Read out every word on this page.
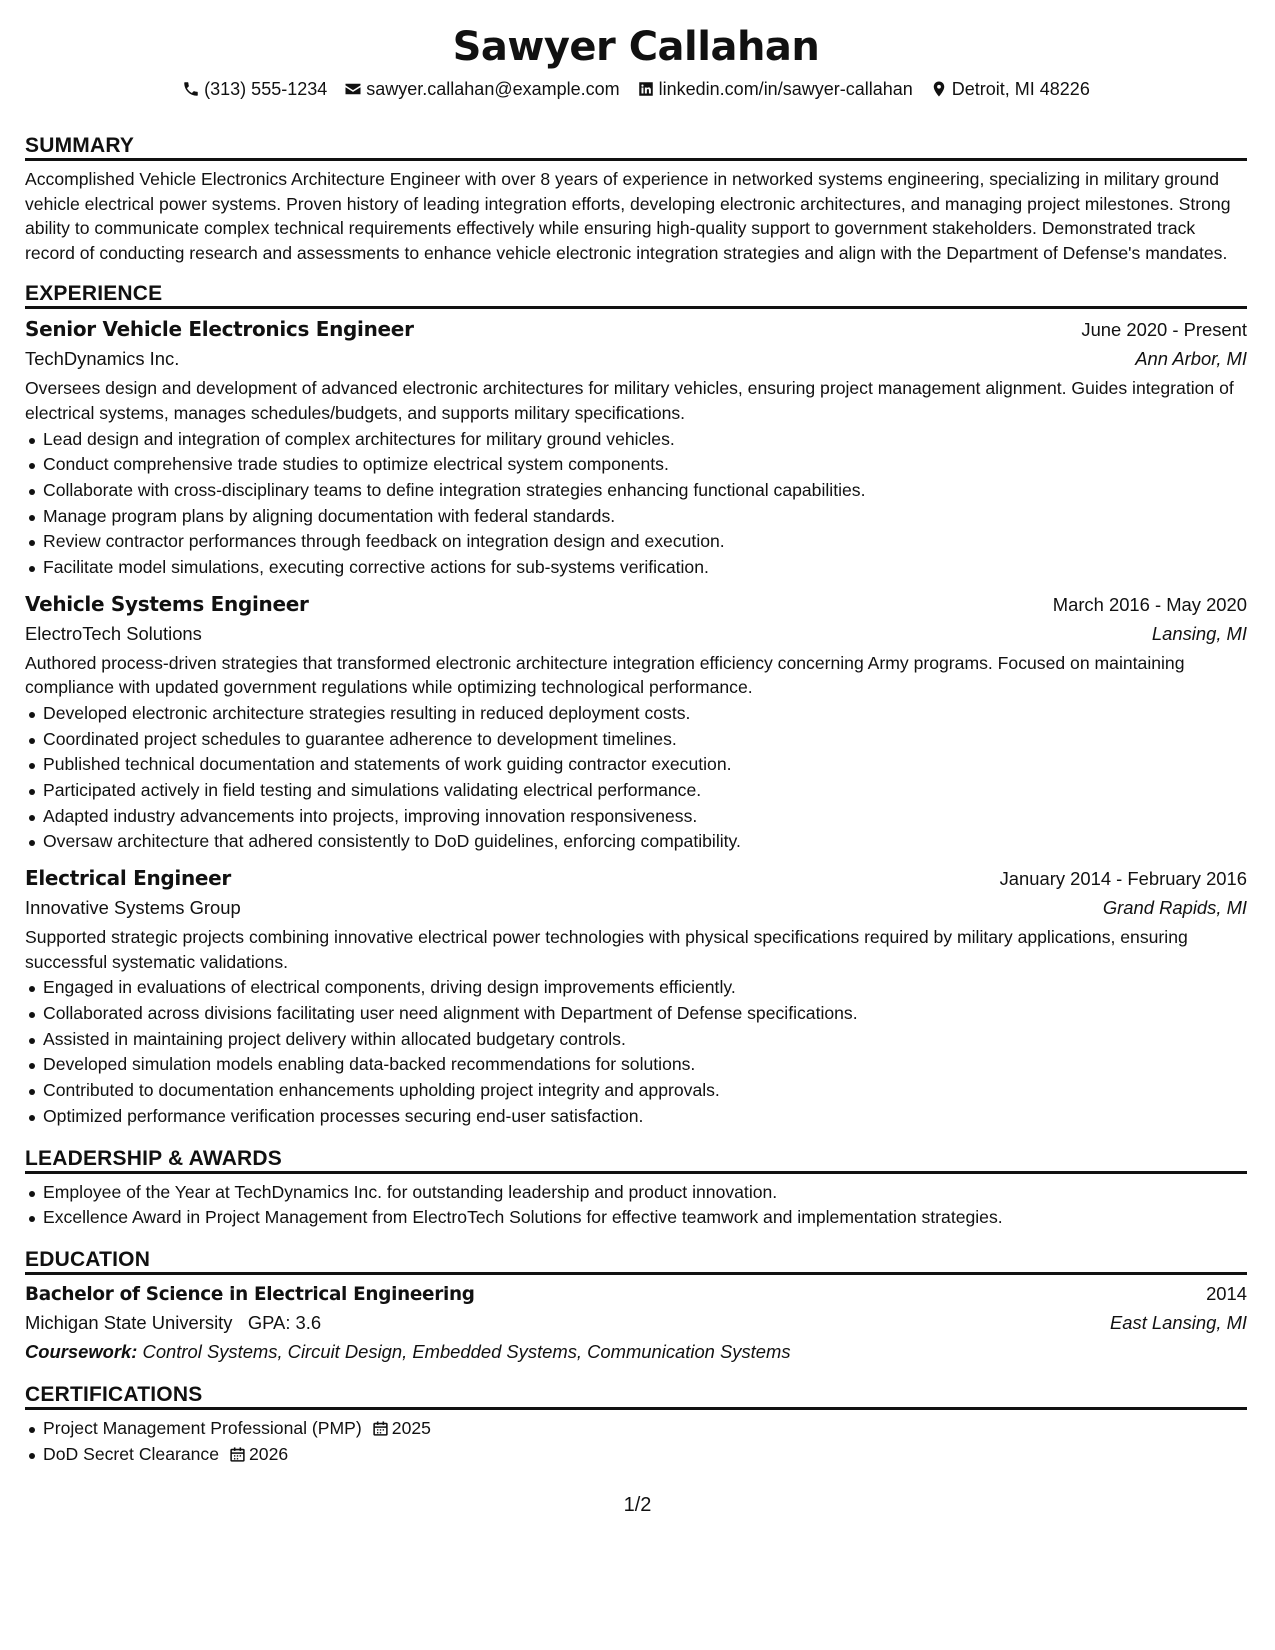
Sawyer Callahan
(313) 555-1234 sawyer.callahan@example.com linkedin.com/in/sawyer-callahan Detroit, MI 48226
SUMMARY
Accomplished Vehicle Electronics Architecture Engineer with over 8 years of experience in networked systems engineering, specializing in military ground vehicle electrical power systems. Proven history of leading integration efforts, developing electronic architectures, and managing project milestones. Strong ability to communicate complex technical requirements effectively while ensuring high-quality support to government stakeholders. Demonstrated track record of conducting research and assessments to enhance vehicle electronic integration strategies and align with the Department of Defense's mandates.
EXPERIENCE
Senior Vehicle Electronics Engineer	June 2020 - Present
TechDynamics Inc.	Ann Arbor, MI
Oversees design and development of advanced electronic architectures for military vehicles, ensuring project management alignment. Guides integration of electrical systems, manages schedules/budgets, and supports military specifications.
Lead design and integration of complex architectures for military ground vehicles.
Conduct comprehensive trade studies to optimize electrical system components.
Collaborate with cross-disciplinary teams to define integration strategies enhancing functional capabilities.
Manage program plans by aligning documentation with federal standards.
Review contractor performances through feedback on integration design and execution.
Facilitate model simulations, executing corrective actions for sub-systems verification.
Vehicle Systems Engineer	March 2016 - May 2020
ElectroTech Solutions	Lansing, MI
Authored process-driven strategies that transformed electronic architecture integration efficiency concerning Army programs. Focused on maintaining compliance with updated government regulations while optimizing technological performance.
Developed electronic architecture strategies resulting in reduced deployment costs.
Coordinated project schedules to guarantee adherence to development timelines.
Published technical documentation and statements of work guiding contractor execution.
Participated actively in field testing and simulations validating electrical performance.
Adapted industry advancements into projects, improving innovation responsiveness.
Oversaw architecture that adhered consistently to DoD guidelines, enforcing compatibility.
Electrical Engineer	January 2014 - February 2016
Innovative Systems Group	Grand Rapids, MI
Supported strategic projects combining innovative electrical power technologies with physical specifications required by military applications, ensuring successful systematic validations.
Engaged in evaluations of electrical components, driving design improvements efficiently.
Collaborated across divisions facilitating user need alignment with Department of Defense specifications.
Assisted in maintaining project delivery within allocated budgetary controls.
Developed simulation models enabling data-backed recommendations for solutions.
Contributed to documentation enhancements upholding project integrity and approvals.
Optimized performance verification processes securing end-user satisfaction.
LEADERSHIP & AWARDS
Employee of the Year at TechDynamics Inc. for outstanding leadership and product innovation.
Excellence Award in Project Management from ElectroTech Solutions for effective teamwork and implementation strategies.
EDUCATION
Bachelor of Science in Electrical Engineering	2014
Michigan State University GPA: 3.6	East Lansing, MI
Coursework: Control Systems, Circuit Design, Embedded Systems, Communication Systems
CERTIFICATIONS
Project Management Professional (PMP) 2025
DoD Secret Clearance 2026
1/2
